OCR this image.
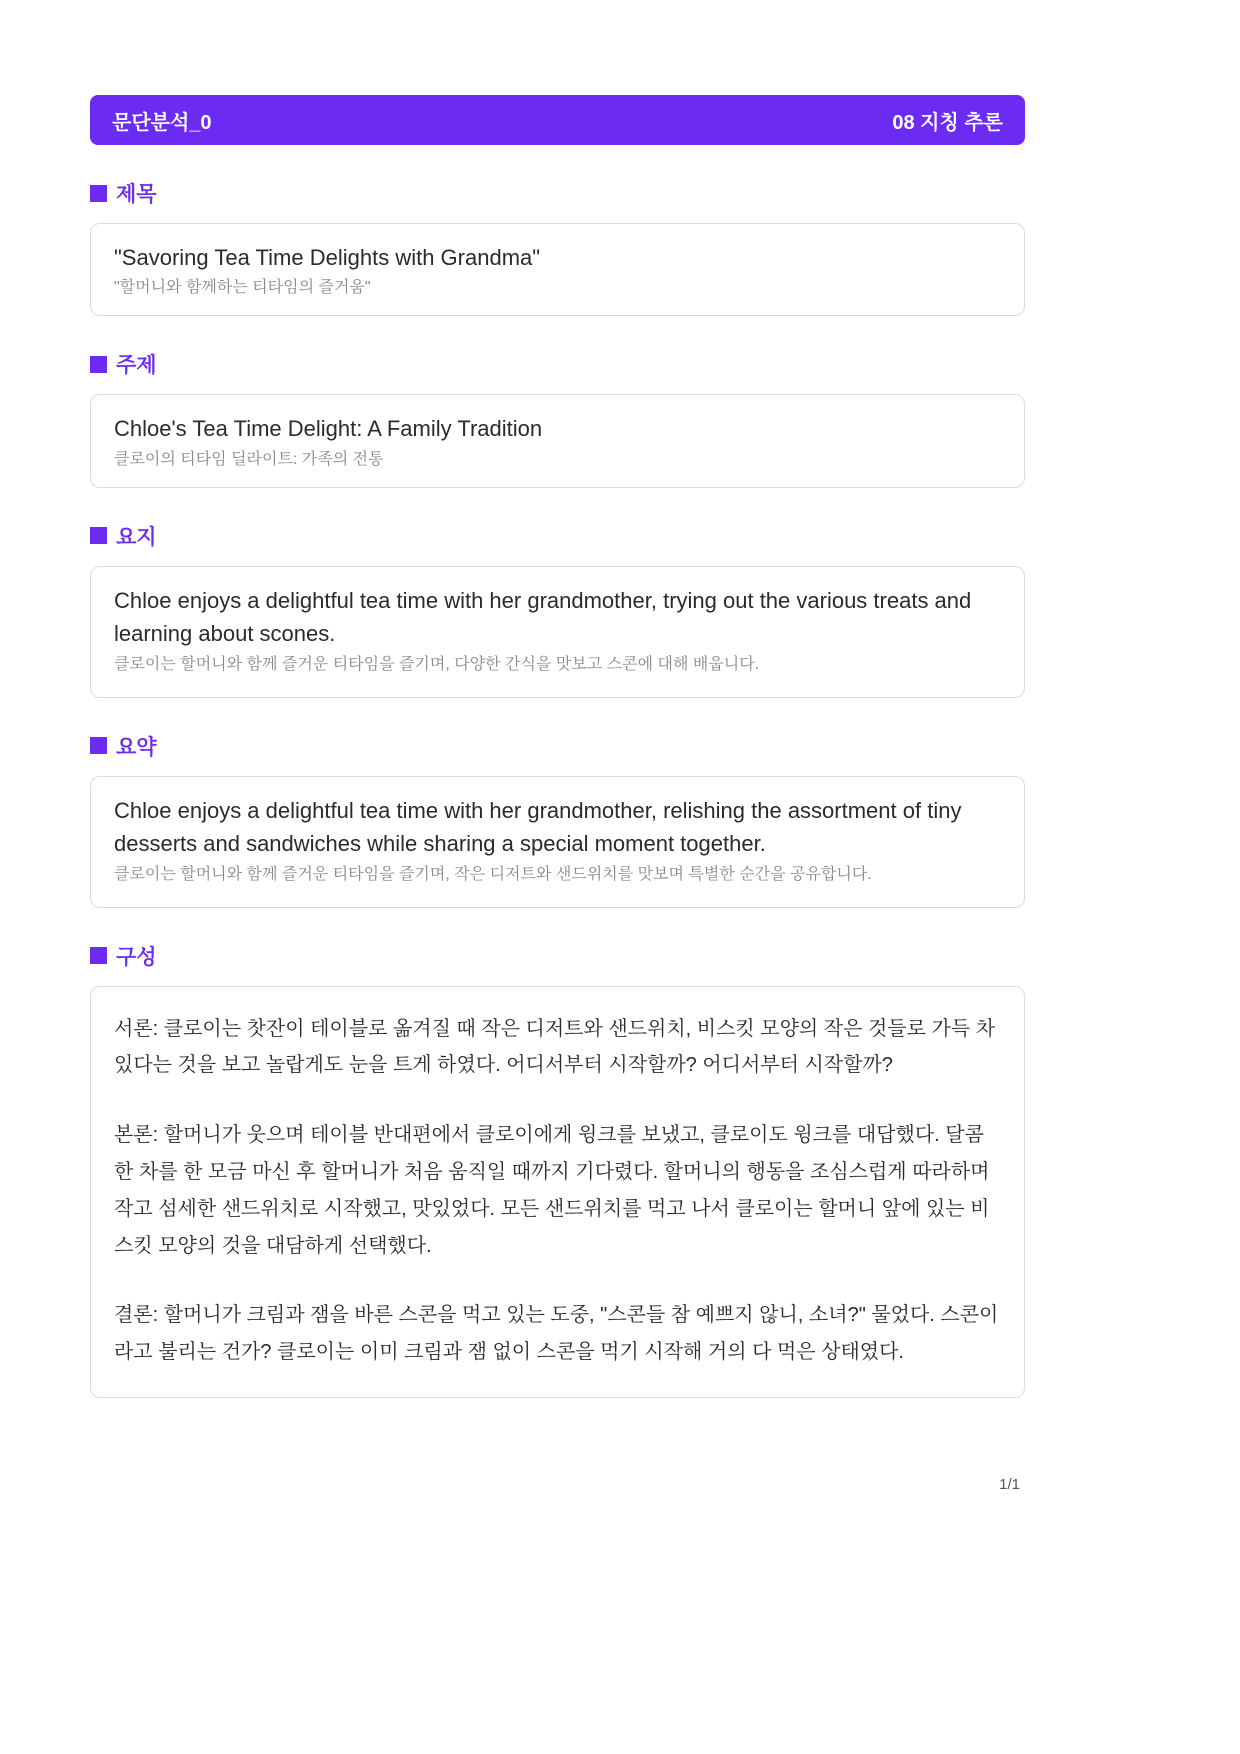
문단분석_0	08 지칭 추론
제목
"Savoring Tea Time Delights with Grandma"
"할머니와 함께하는 티타임의 즐거움"
주제
Chloe's Tea Time Delight: A Family Tradition
클로이의 티타임 딜라이트: 가족의 전통
요지
Chloe enjoys a delightful tea time with her grandmother, trying out the various treats and learning about scones.
클로이는 할머니와 함께 즐거운 티타임을 즐기며, 다양한 간식을 맛보고 스콘에 대해 배웁니다.
요약
Chloe enjoys a delightful tea time with her grandmother, relishing the assortment of tiny desserts and sandwiches while sharing a special moment together.
클로이는 할머니와 함께 즐거운 티타임을 즐기며, 작은 디저트와 샌드위치를 맛보며 특별한 순간을 공유합니다.
구성

서론: 클로이는 찻잔이 테이블로 옮겨질 때 작은 디저트와 샌드위치, 비스킷 모양의 작은 것들로 가득 차 있다는 것을 보고 놀랍게도 눈을 트게 하였다. 어디서부터 시작할까? 어디서부터 시작할까?

본론: 할머니가 웃으며 테이블 반대편에서 클로이에게 윙크를 보냈고, 클로이도 윙크를 대답했다. 달콤한 차를 한 모금 마신 후 할머니가 처음 움직일 때까지 기다렸다. 할머니의 행동을 조심스럽게 따라하며 작고 섬세한 샌드위치로 시작했고, 맛있었다. 모든 샌드위치를 먹고 나서 클로이는 할머니 앞에 있는 비스킷 모양의 것을 대담하게 선택했다.

결론: 할머니가 크림과 잼을 바른 스콘을 먹고 있는 도중, "스콘들 참 예쁘지 않니, 소녀?" 물었다. 스콘이라고 불리는 건가? 클로이는 이미 크림과 잼 없이 스콘을 먹기 시작해 거의 다 먹은 상태였다.

1/1
